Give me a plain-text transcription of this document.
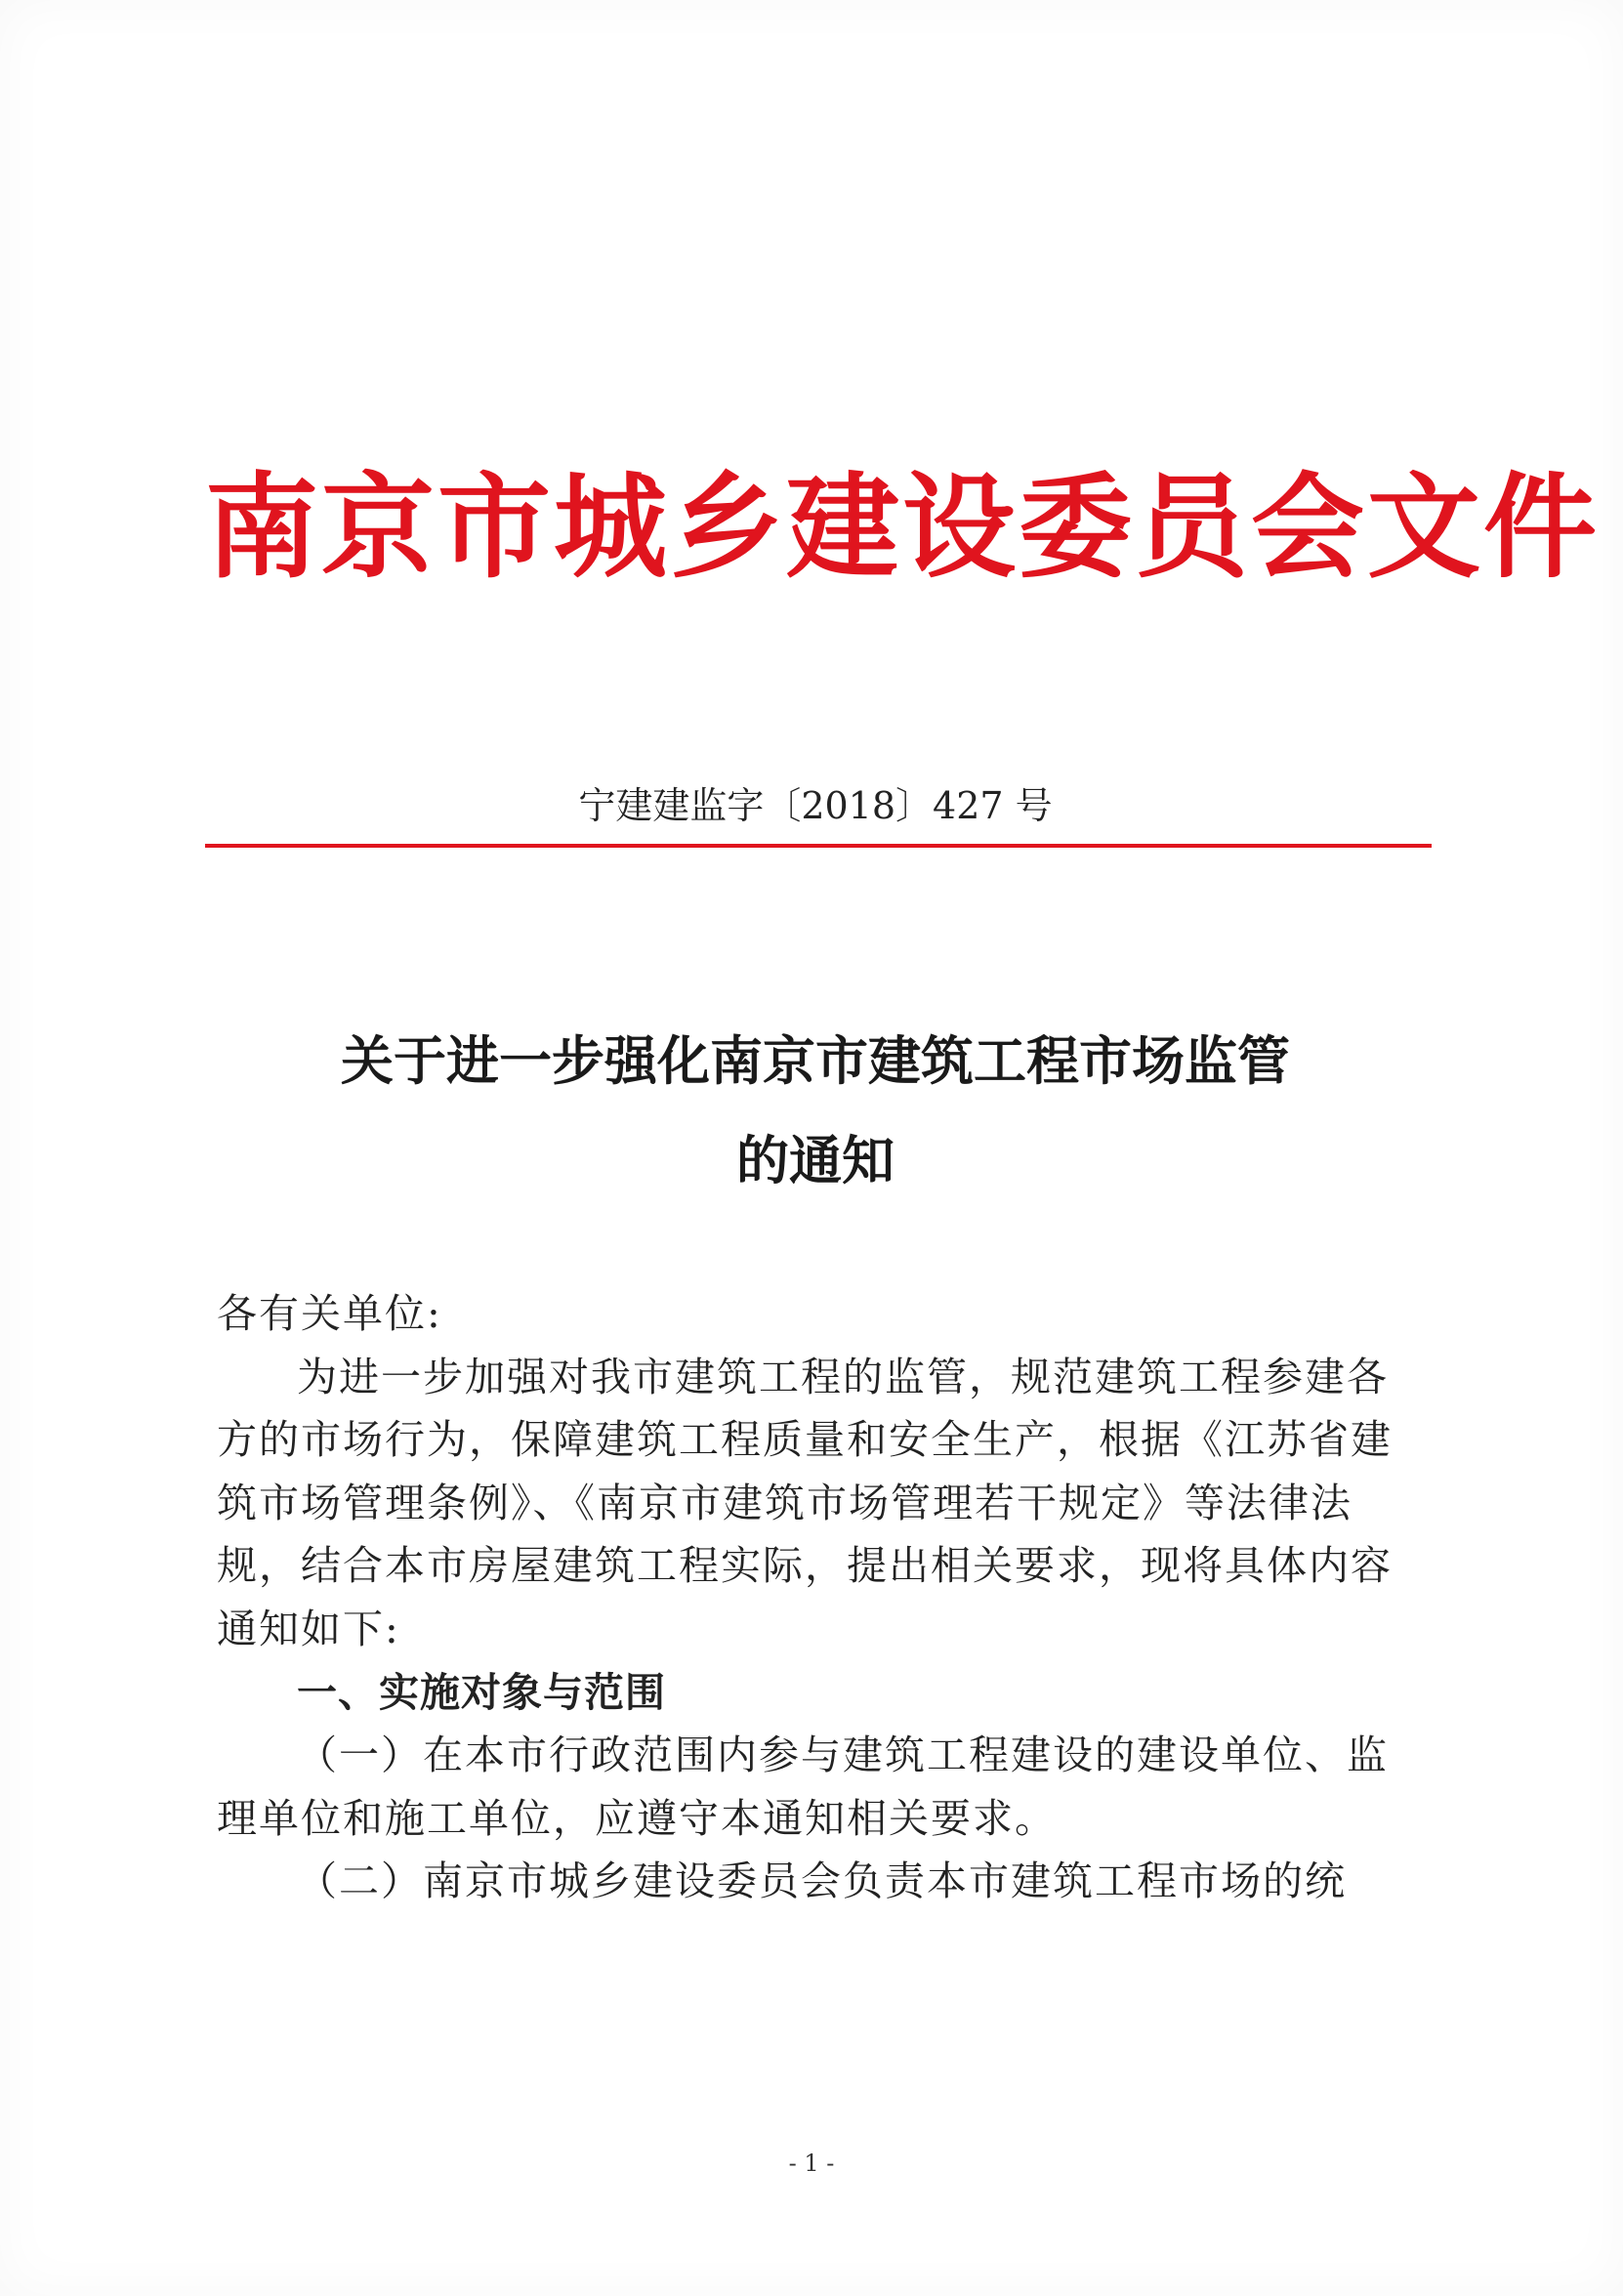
南京市城乡建设委员会文件
宁建建监字〔2018〕427 号
关于进一步强化南京市建筑工程市场监管
的通知

各有关单位:

为进一步加强对我市建筑工程的监管，规范建筑工程参建各方的市场行为，保障建筑工程质量和安全生产，根据《江苏省建筑市场管理条例》、《南京市建筑市场管理若干规定》等法律法规，结合本市房屋建筑工程实际，提出相关要求，现将具体内容通知如下:

一、实施对象与范围

（一）在本市行政范围内参与建筑工程建设的建设单位、监理单位和施工单位，应遵守本通知相关要求。

（二）南京市城乡建设委员会负责本市建筑工程市场的统

- 1 -
